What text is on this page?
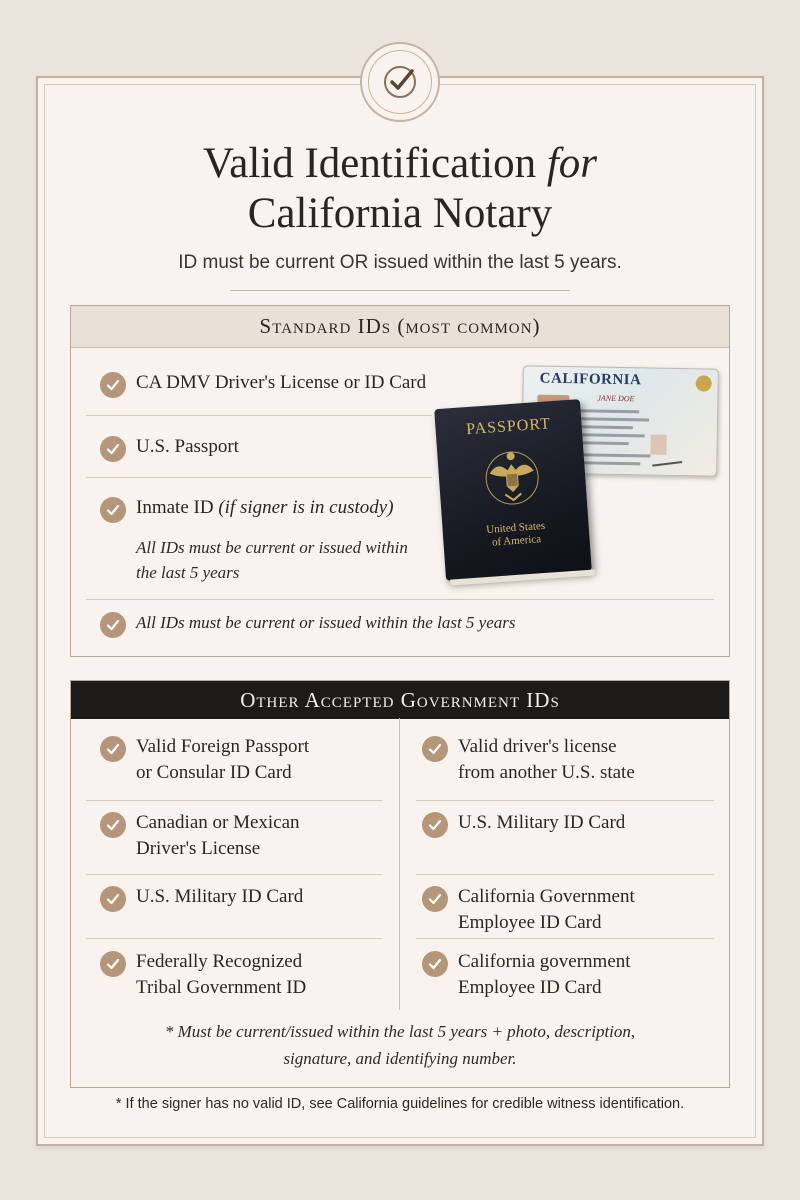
Valid Identification for
California Notary
ID must be current OR issued within the last 5 years.
Standard IDs (most common)
CA DMV Driver's License or ID Card
U.S. Passport
Inmate ID (if signer is in custody)
All IDs must be current or issued within
the last 5 years
All IDs must be current or issued within the last 5 years
CALIFORNIA
JANE DOE
PASSPORT
United States
of America
Other Accepted Government IDs
Valid Foreign Passport
or Consular ID Card
Canadian or Mexican
Driver's License
U.S. Military ID Card
Federally Recognized
Tribal Government ID
Valid driver's license
from another U.S. state
U.S. Military ID Card
California Government
Employee ID Card
California government
Employee ID Card
* Must be current/issued within the last 5 years + photo, description,
signature, and identifying number.
* If the signer has no valid ID, see California guidelines for credible witness identification.
